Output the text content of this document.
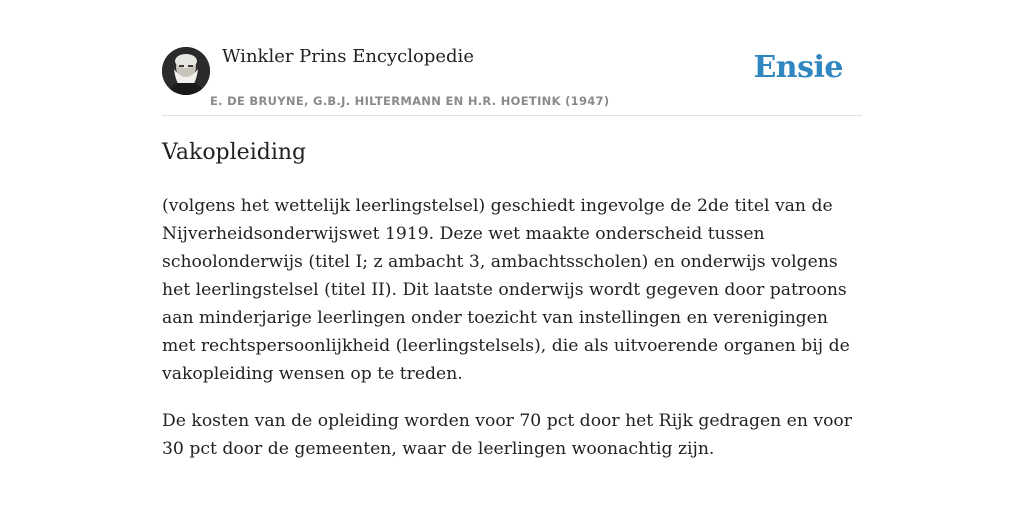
Winkler Prins Encyclopedie
E. DE BRUYNE, G.B.J. HILTERMANN EN H.R. HOETINK (1947)
Ensie
Vakopleiding

(volgens het wettelijk leerlingstelsel) geschiedt ingevolge de 2de titel van de Nijverheidsonderwijswet 1919. Deze wet maakte onderscheid tussen schoolonderwijs (titel I; z ambacht 3, ambachtsscholen) en onderwijs volgens het leerlingstelsel (titel II). Dit laatste onderwijs wordt gegeven door patroons aan minderjarige leerlingen onder toezicht van instellingen en verenigingen met rechtspersoonlijkheid (leerlingstelsels), die als uitvoerende organen bij de vakopleiding wensen op te treden.

De kosten van de opleiding worden voor 70 pct door het Rijk gedragen en voor 30 pct door de gemeenten, waar de leerlingen woonachtig zijn.
